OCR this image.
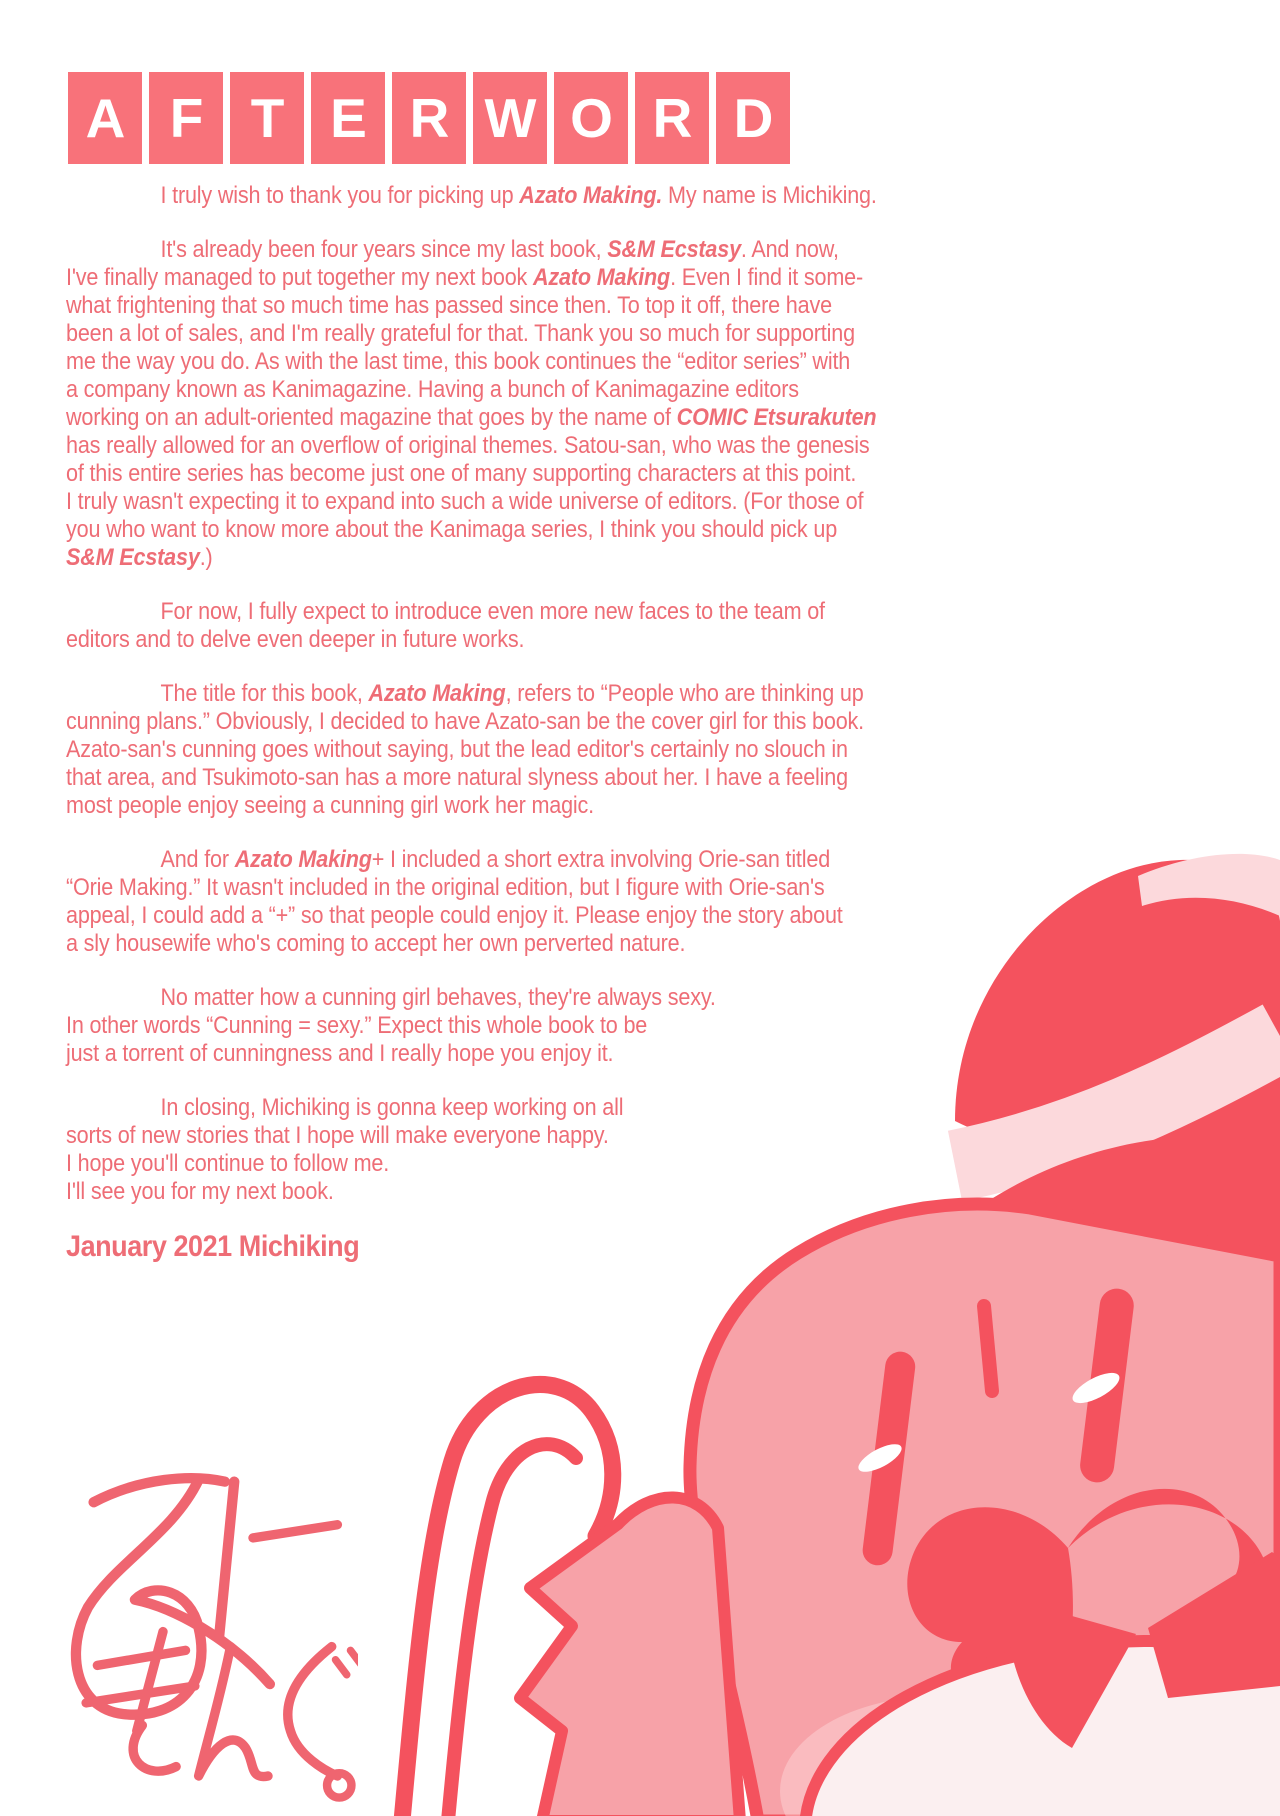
A F T E R W O R D

I truly wish to thank you for picking up Azato Making. My name is Michiking.

It's already been four years since my last book, S&M Ecstasy. And now,
I've finally managed to put together my next book Azato Making. Even I find it some-
what frightening that so much time has passed since then. To top it off, there have
been a lot of sales, and I'm really grateful for that. Thank you so much for supporting
me the way you do. As with the last time, this book continues the “editor series” with
a company known as Kanimagazine. Having a bunch of Kanimagazine editors
working on an adult-oriented magazine that goes by the name of COMIC Etsurakuten
has really allowed for an overflow of original themes. Satou-san, who was the genesis
of this entire series has become just one of many supporting characters at this point.
I truly wasn't expecting it to expand into such a wide universe of editors. (For those of
you who want to know more about the Kanimaga series, I think you should pick up
S&M Ecstasy.)

For now, I fully expect to introduce even more new faces to the team of
editors and to delve even deeper in future works.

The title for this book, Azato Making, refers to “People who are thinking up
cunning plans.” Obviously, I decided to have Azato-san be the cover girl for this book.
Azato-san's cunning goes without saying, but the lead editor's certainly no slouch in
that area, and Tsukimoto-san has a more natural slyness about her. I have a feeling
most people enjoy seeing a cunning girl work her magic.

And for Azato Making+ I included a short extra involving Orie-san titled
“Orie Making.” It wasn't included in the original edition, but I figure with Orie-san's
appeal, I could add a “+” so that people could enjoy it. Please enjoy the story about
a sly housewife who's coming to accept her own perverted nature.

No matter how a cunning girl behaves, they're always sexy.
In other words “Cunning = sexy.” Expect this whole book to be
just a torrent of cunningness and I really hope you enjoy it.

In closing, Michiking is gonna keep working on all
sorts of new stories that I hope will make everyone happy.
I hope you'll continue to follow me.
I'll see you for my next book.

January 2021 Michiking
